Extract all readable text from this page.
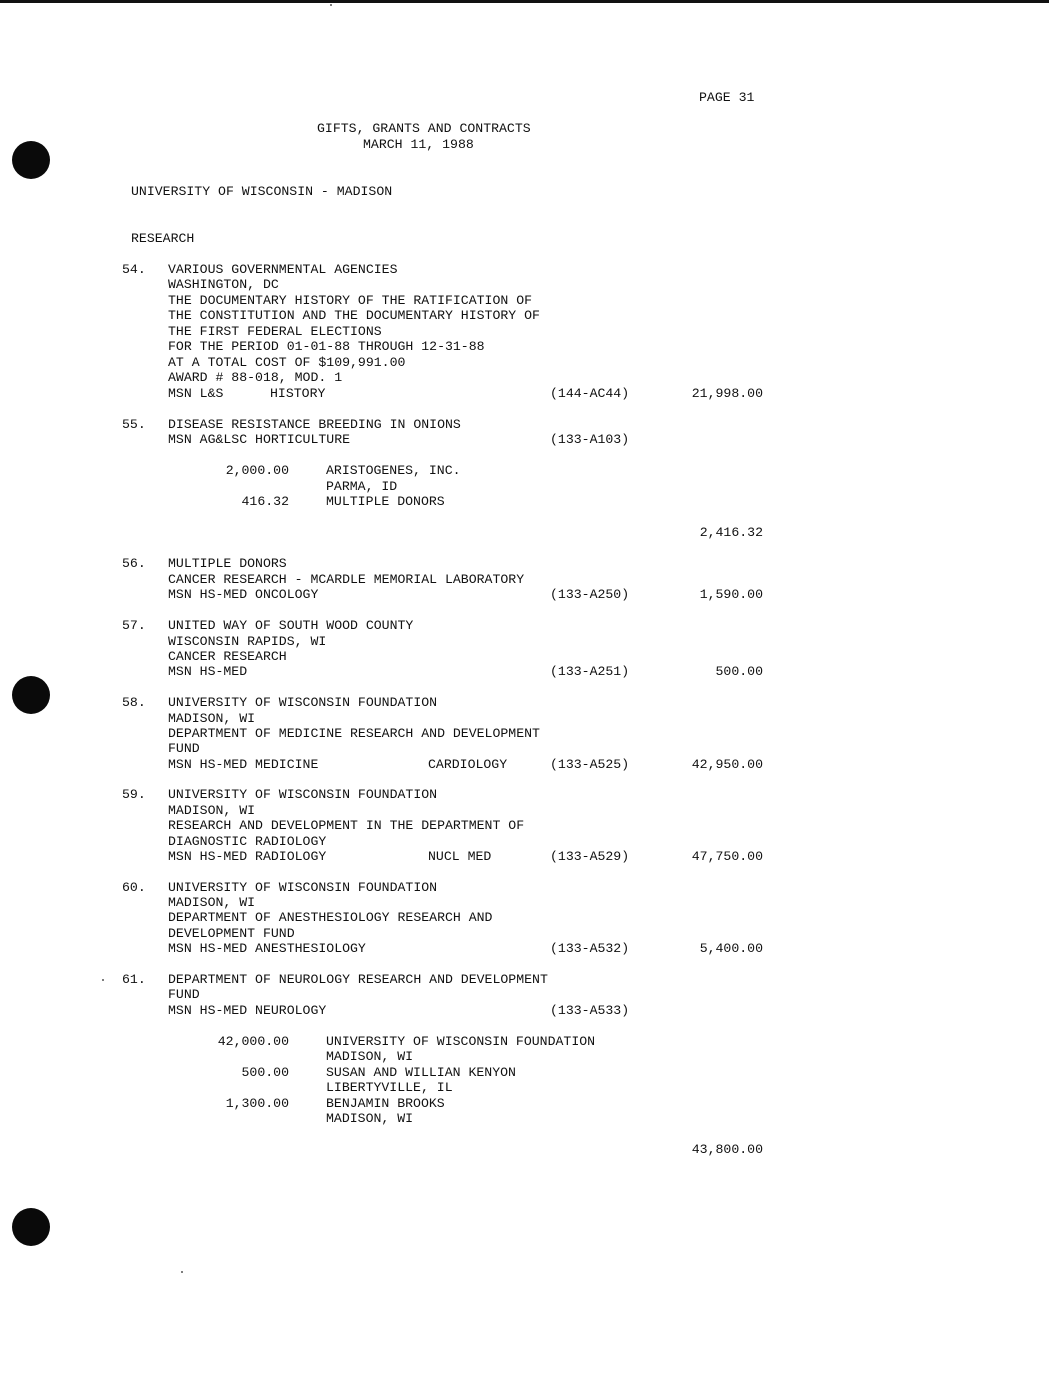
PAGE 31
GIFTS, GRANTS AND CONTRACTS
MARCH 11, 1988
UNIVERSITY OF WISCONSIN - MADISON
RESEARCH
54. VARIOUS GOVERNMENTAL AGENCIES
WASHINGTON, DC
THE DOCUMENTARY HISTORY OF THE RATIFICATION OF
THE CONSTITUTION AND THE DOCUMENTARY HISTORY OF
THE FIRST FEDERAL ELECTIONS
FOR THE PERIOD 01-01-88 THROUGH 12-31-88
AT A TOTAL COST OF $109,991.00
AWARD # 88-018, MOD. 1
MSN L&S	HISTORY	(144-AC44)	21,998.00
55. DISEASE RESISTANCE BREEDING IN ONIONS
MSN AG&LSC HORTICULTURE	(133-A103)
2,000.00	ARISTOGENES, INC.
PARMA, ID
416.32	MULTIPLE DONORS
2,416.32
56. MULTIPLE DONORS
CANCER RESEARCH - MCARDLE MEMORIAL LABORATORY
MSN HS-MED ONCOLOGY	(133-A250)	1,590.00
57. UNITED WAY OF SOUTH WOOD COUNTY
WISCONSIN RAPIDS, WI
CANCER RESEARCH
MSN HS-MED	(133-A251)	500.00
58. UNIVERSITY OF WISCONSIN FOUNDATION
MADISON, WI
DEPARTMENT OF MEDICINE RESEARCH AND DEVELOPMENT
FUND
MSN HS-MED MEDICINE	CARDIOLOGY	(133-A525)	42,950.00
59. UNIVERSITY OF WISCONSIN FOUNDATION
MADISON, WI
RESEARCH AND DEVELOPMENT IN THE DEPARTMENT OF
DIAGNOSTIC RADIOLOGY
MSN HS-MED RADIOLOGY	NUCL MED	(133-A529)	47,750.00
60. UNIVERSITY OF WISCONSIN FOUNDATION
MADISON, WI
DEPARTMENT OF ANESTHESIOLOGY RESEARCH AND
DEVELOPMENT FUND
MSN HS-MED ANESTHESIOLOGY	(133-A532)	5,400.00
61. DEPARTMENT OF NEUROLOGY RESEARCH AND DEVELOPMENT
FUND
MSN HS-MED NEUROLOGY	(133-A533)
42,000.00	UNIVERSITY OF WISCONSIN FOUNDATION
MADISON, WI
500.00	SUSAN AND WILLIAN KENYON
LIBERTYVILLE, IL
1,300.00	BENJAMIN BROOKS
MADISON, WI
43,800.00
